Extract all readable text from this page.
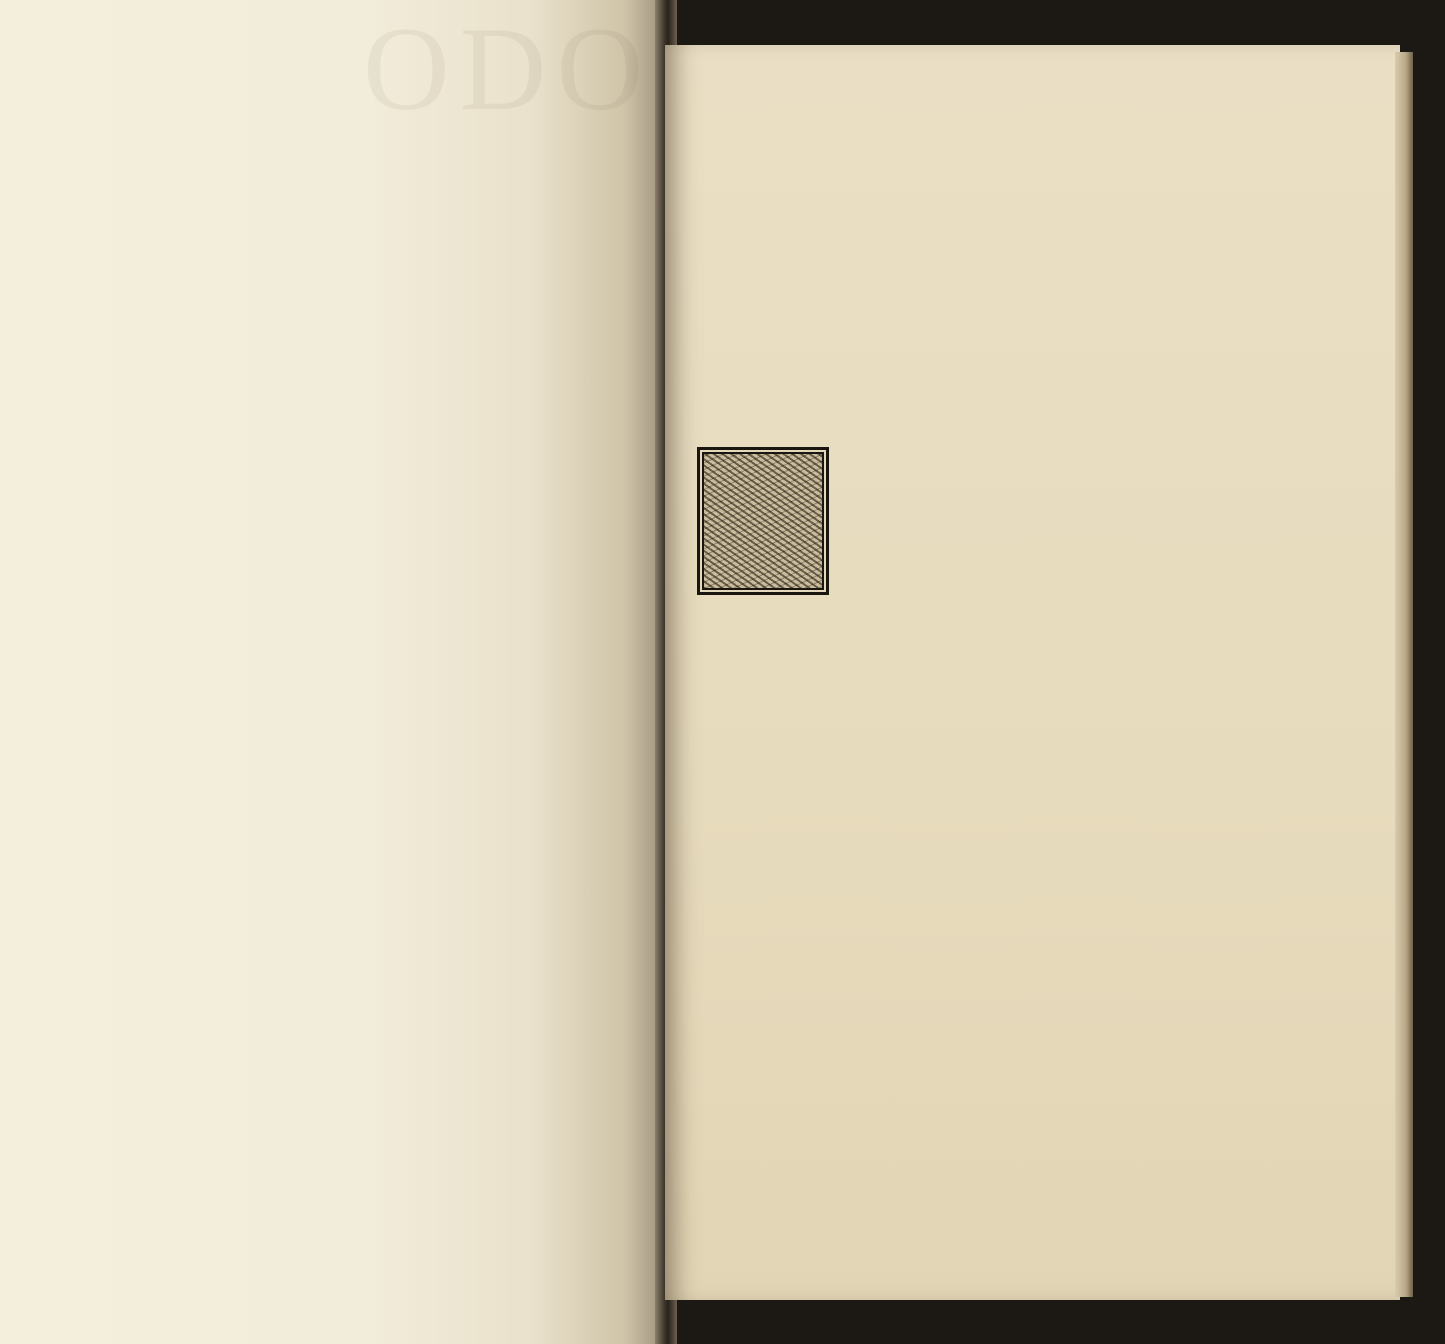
ODO
